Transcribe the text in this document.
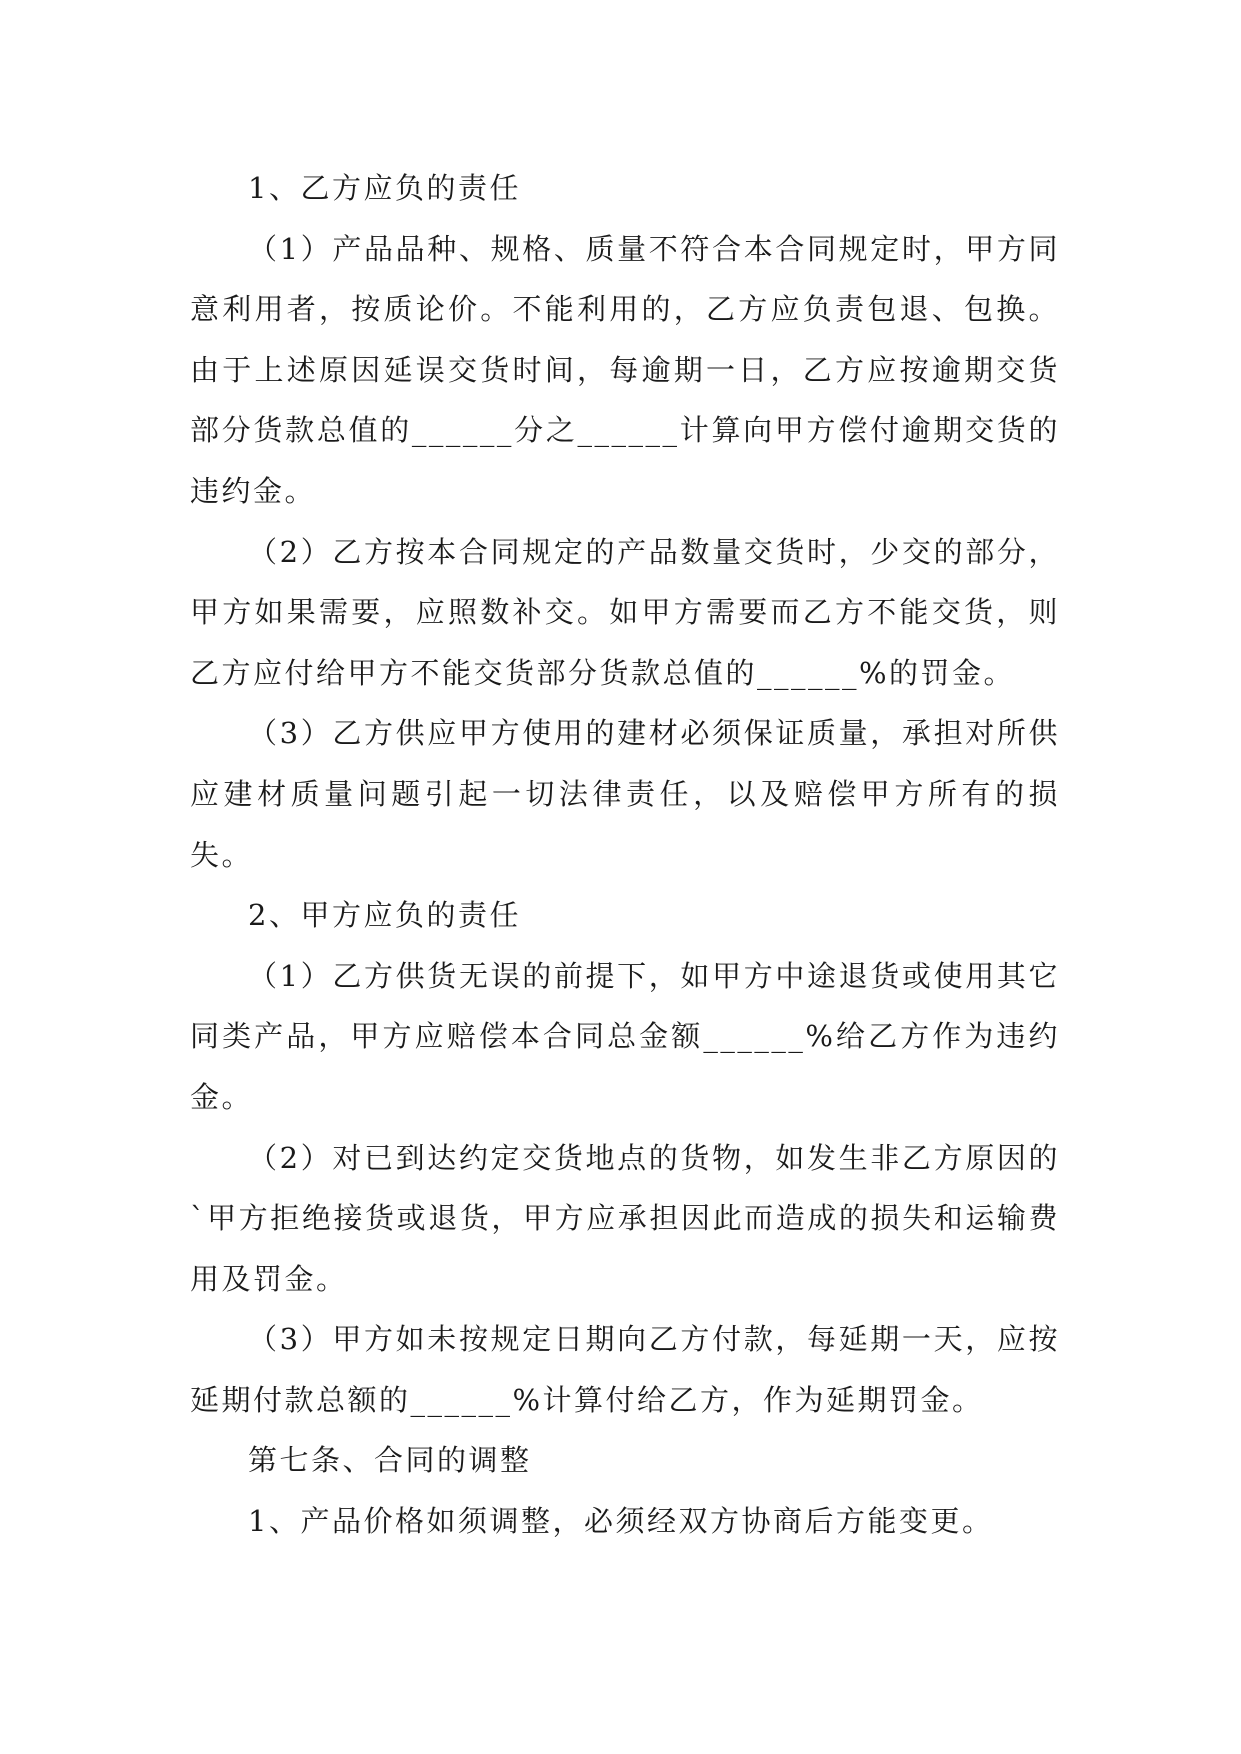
1、乙方应负的责任

（1）产品品种、规格、质量不符合本合同规定时，甲方同意利用者，按质论价。不能利用的，乙方应负责包退、包换。由于上述原因延误交货时间，每逾期一日，乙方应按逾期交货部分货款总值的______分之______计算向甲方偿付逾期交货的违约金。

（2）乙方按本合同规定的产品数量交货时，少交的部分，甲方如果需要，应照数补交。如甲方需要而乙方不能交货，则乙方应付给甲方不能交货部分货款总值的______%的罚金。

（3）乙方供应甲方使用的建材必须保证质量，承担对所供应建材质量问题引起一切法律责任，以及赔偿甲方所有的损失。

2、甲方应负的责任

（1）乙方供货无误的前提下，如甲方中途退货或使用其它同类产品，甲方应赔偿本合同总金额______%给乙方作为违约金。

（2）对已到达约定交货地点的货物，如发生非乙方原因的`甲方拒绝接货或退货，甲方应承担因此而造成的损失和运输费用及罚金。

（3）甲方如未按规定日期向乙方付款，每延期一天，应按延期付款总额的______%计算付给乙方，作为延期罚金。

第七条、合同的调整

1、产品价格如须调整，必须经双方协商后方能变更。
